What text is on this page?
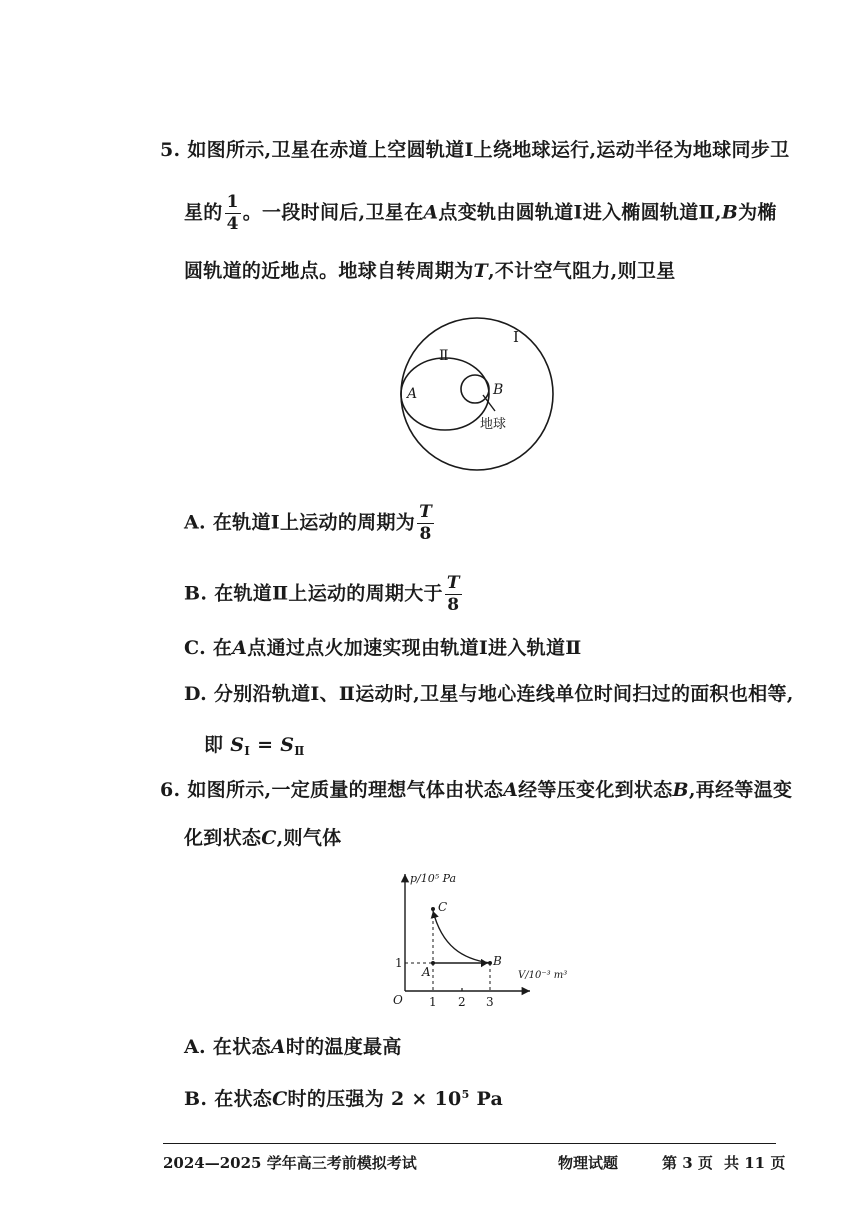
5. 如图所示,卫星在赤道上空圆轨道Ⅰ上绕地球运行,运动半径为地球同步卫
星的 $\frac{1}{4}$ 。一段时间后,卫星在A点变轨由圆轨道Ⅰ进入椭圆轨道Ⅱ,B为椭
圆轨道的近地点。地球自转周期为T,不计空气阻力,则卫星
Ⅰ
Ⅱ
A	B
地球
A. 在轨道Ⅰ上运动的周期为 $\frac{T}{8}$
B. 在轨道Ⅱ上运动的周期大于 $\frac{T}{8}$
C. 在A点通过点火加速实现由轨道Ⅰ进入轨道Ⅱ
D. 分别沿轨道Ⅰ、Ⅱ运动时,卫星与地心连线单位时间扫过的面积也相等,
即 $S_Ⅰ = S_Ⅱ$
6. 如图所示,一定质量的理想气体由状态A经等压变化到状态B,再经等温变
化到状态C,则气体
p/10⁵ Pa
V/10⁻³ m³
O
1
1 2 3
A
B
C
A. 在状态A时的温度最高
B. 在状态C时的压强为 $2 \times 10^5$ Pa
2024—2025 学年高三考前模拟考试	物理试题	第 3 页 共 11 页
